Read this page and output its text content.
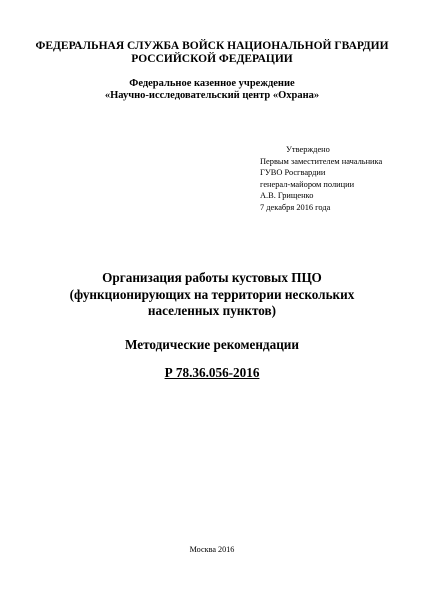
ФЕДЕРАЛЬНАЯ СЛУЖБА ВОЙСК НАЦИОНАЛЬНОЙ ГВАРДИИ
РОССИЙСКОЙ ФЕДЕРАЦИИ
Федеральное казенное учреждение
«Научно-исследовательский центр «Охрана»
Утверждено
Первым заместителем начальника
ГУВО Росгвардии
генерал-майором полиции
А.В. Грищенко
7 декабря 2016 года
Организация работы кустовых ПЦО
(функционирующих на территории нескольких
населенных пунктов)
Методические рекомендации
Р 78.36.056-2016
Москва 2016
